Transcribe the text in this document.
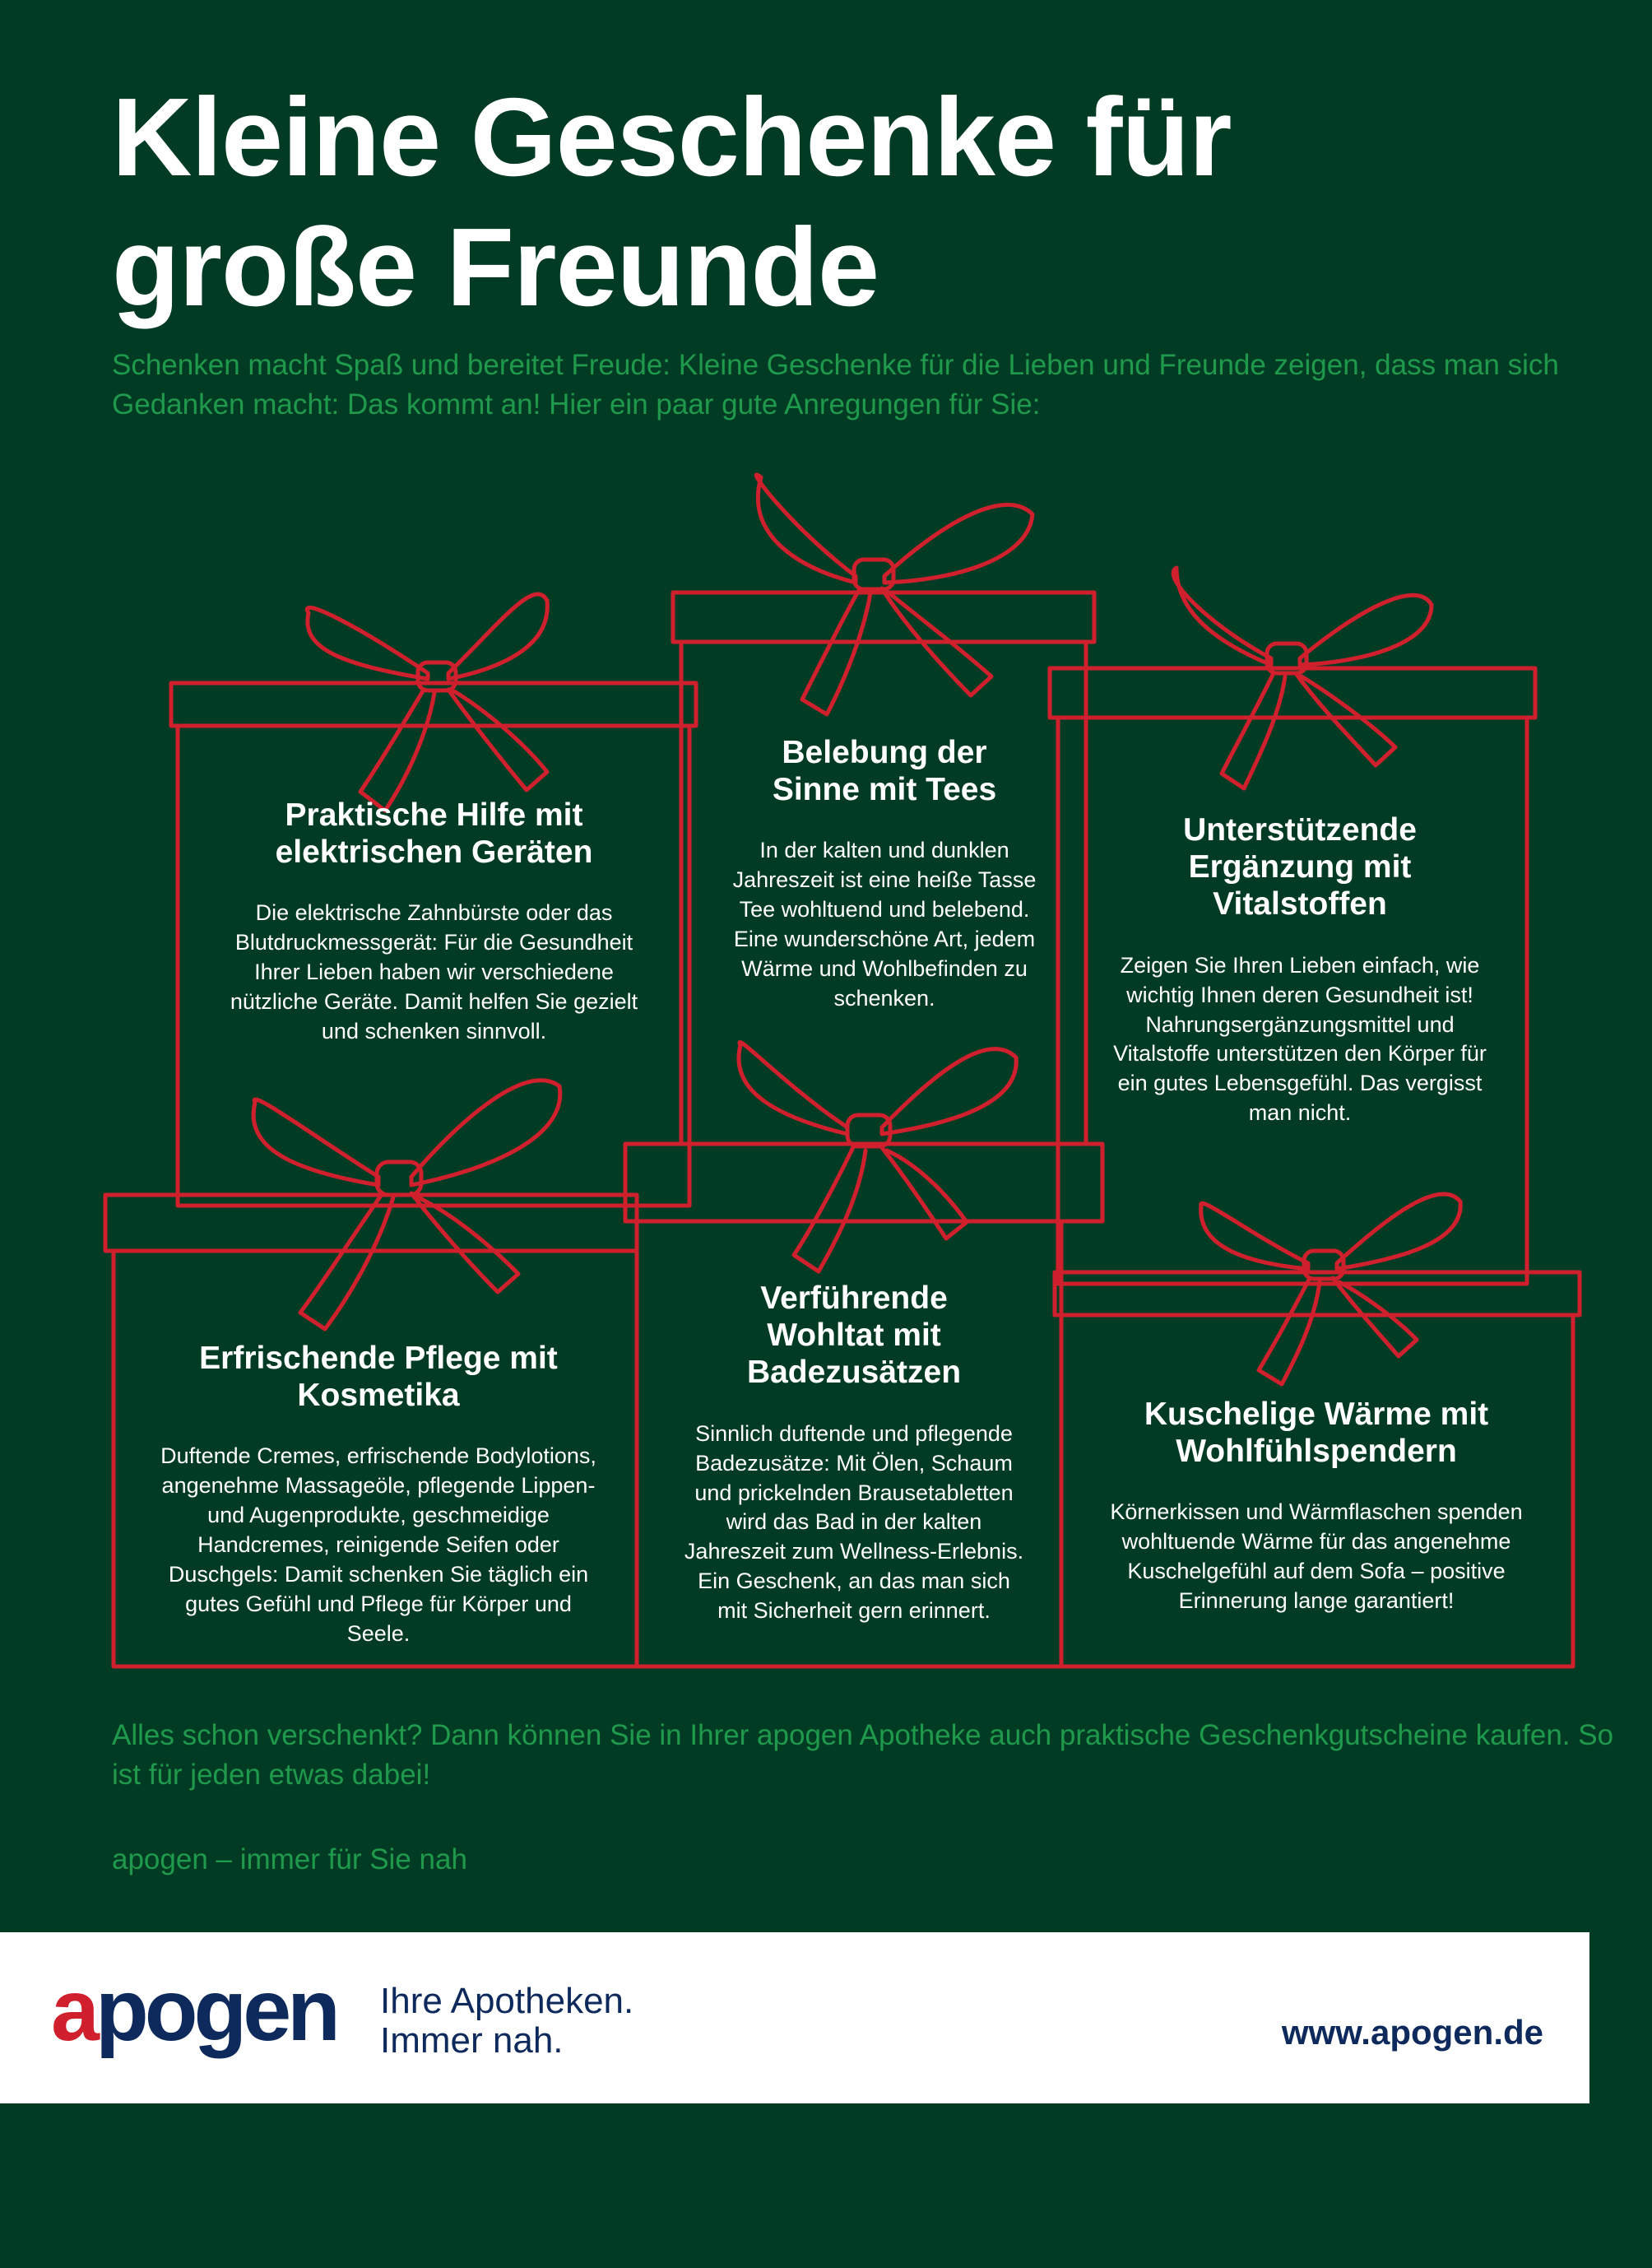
Kleine Geschenke für
große Freunde

Schenken macht Spaß und bereitet Freude: Kleine Geschenke für die Lieben und Freunde zeigen, dass man sich Gedanken macht: Das kommt an! Hier ein paar gute Anregungen für Sie:

Praktische Hilfe mit elektrischen Geräten

Die elektrische Zahnbürste oder das Blutdruckmessgerät: Für die Gesundheit Ihrer Lieben haben wir verschiedene nützliche Geräte. Damit helfen Sie gezielt und schenken sinnvoll.

Belebung der Sinne mit Tees

In der kalten und dunklen Jahreszeit ist eine heiße Tasse Tee wohltuend und belebend. Eine wunderschöne Art, jedem Wärme und Wohlbefinden zu schenken.

Unterstützende Ergänzung mit Vitalstoffen

Zeigen Sie Ihren Lieben einfach, wie wichtig Ihnen deren Gesundheit ist! Nahrungsergänzungsmittel und Vitalstoffe unterstützen den Körper für ein gutes Lebensgefühl. Das vergisst man nicht.

Erfrischende Pflege mit Kosmetika

Duftende Cremes, erfrischende Bodylotions, angenehme Massageöle, pflegende Lippen- und Augenprodukte, geschmeidige Handcremes, reinigende Seifen oder Duschgels: Damit schenken Sie täglich ein gutes Gefühl und Pflege für Körper und Seele.

Verführende Wohltat mit Badezusätzen

Sinnlich duftende und pflegende Badezusätze: Mit Ölen, Schaum und prickelnden Brausetabletten wird das Bad in der kalten Jahreszeit zum Wellness-Erlebnis. Ein Geschenk, an das man sich mit Sicherheit gern erinnert.

Kuschelige Wärme mit Wohlfühlspendern

Körnerkissen und Wärmflaschen spenden wohltuende Wärme für das angenehme Kuschelgefühl auf dem Sofa – positive Erinnerung lange garantiert!

Alles schon verschenkt? Dann können Sie in Ihrer apogen Apotheke auch praktische Geschenkgutscheine kaufen. So ist für jeden etwas dabei!

apogen – immer für Sie nah

apogen Ihre Apotheken.
Immer nah.	www.apogen.de
